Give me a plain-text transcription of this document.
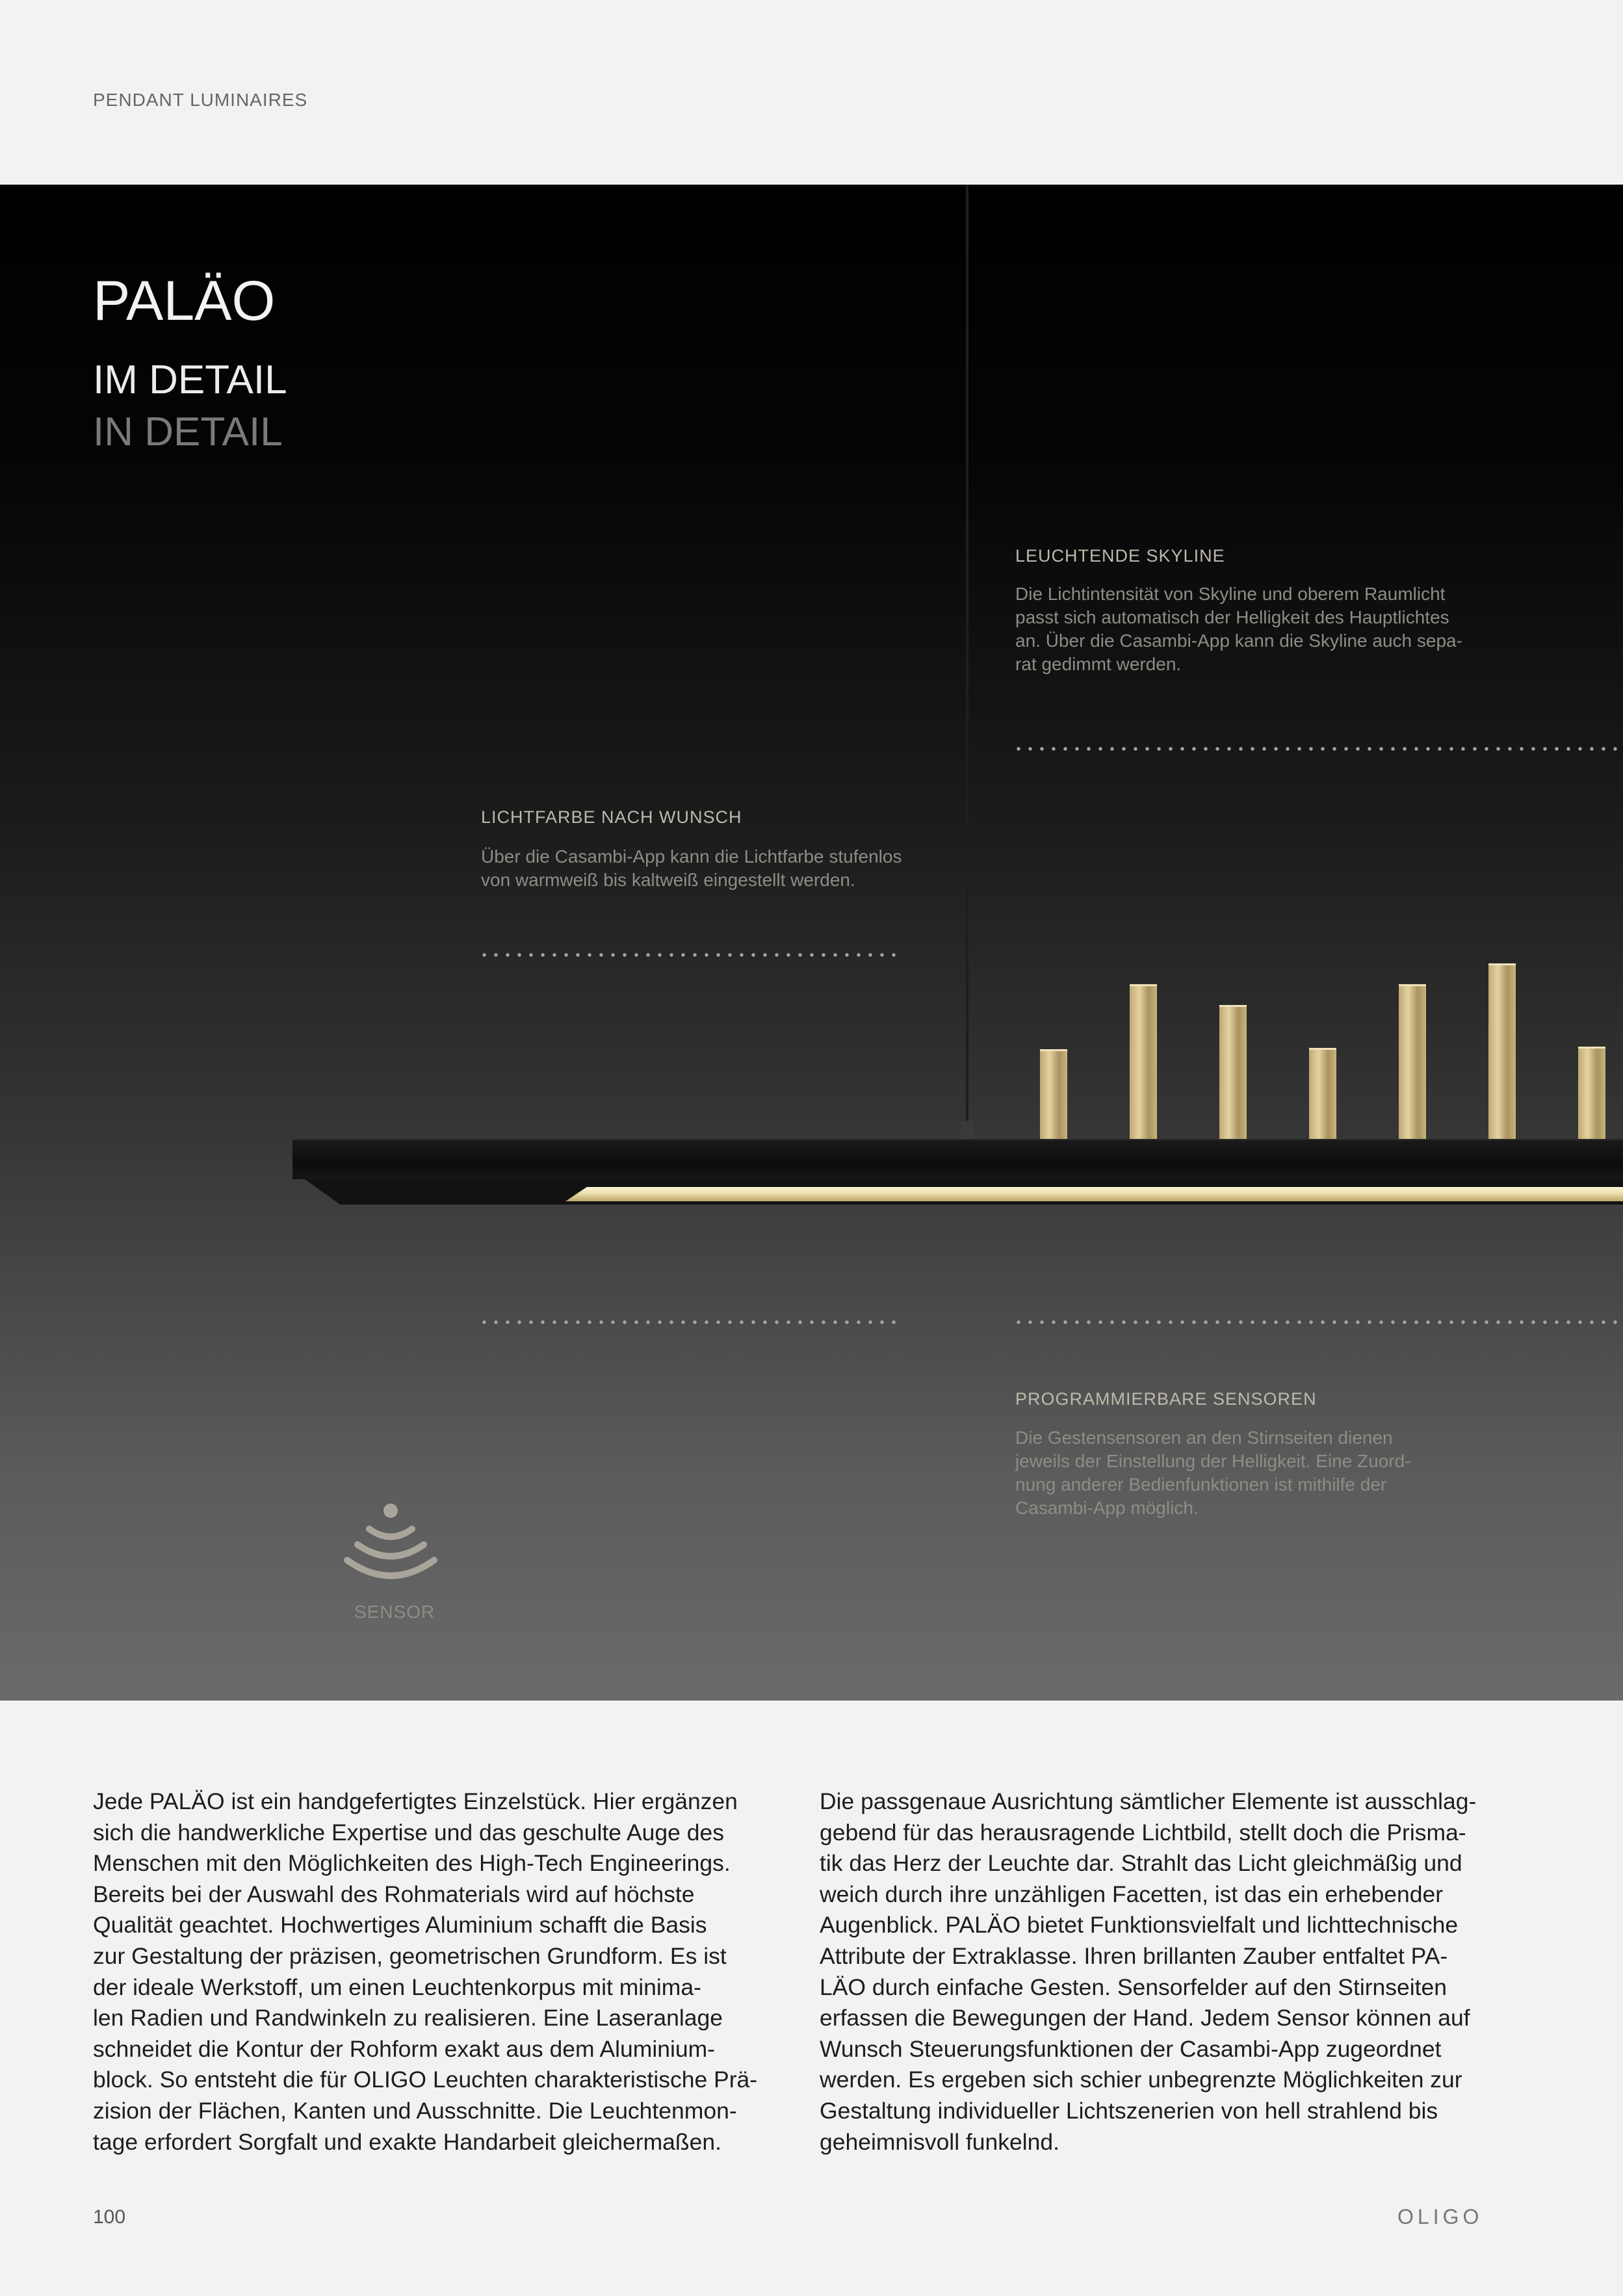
PENDANT LUMINAIRES
PALÄO
IM DETAIL
IN DETAIL
LEUCHTENDE SKYLINE
Die Lichtintensität von Skyline und oberem Raumlicht
passt sich automatisch der Helligkeit des Hauptlichtes
an. Über die Casambi-App kann die Skyline auch sepa-
rat gedimmt werden.
LICHTFARBE NACH WUNSCH
Über die Casambi-App kann die Lichtfarbe stufenlos
von warmweiß bis kaltweiß eingestellt werden.
SENSOR
PROGRAMMIERBARE SENSOREN
Die Gestensensoren an den Stirnseiten dienen
jeweils der Einstellung der Helligkeit. Eine Zuord-
nung anderer Bedienfunktionen ist mithilfe der
Casambi-App möglich.
Jede PALÄO ist ein handgefertigtes Einzelstück. Hier ergänzen
sich die handwerkliche Expertise und das geschulte Auge des
Menschen mit den Möglichkeiten des High-Tech Engineerings.
Bereits bei der Auswahl des Rohmaterials wird auf höchste
Qualität geachtet. Hochwertiges Aluminium schafft die Basis
zur Gestaltung der präzisen, geometrischen Grundform. Es ist
der ideale Werkstoff, um einen Leuchtenkorpus mit minima-
len Radien und Randwinkeln zu realisieren. Eine Laseranlage
schneidet die Kontur der Rohform exakt aus dem Aluminium-
block. So entsteht die für OLIGO Leuchten charakteristische Prä-
zision der Flächen, Kanten und Ausschnitte. Die Leuchtenmon-
tage erfordert Sorgfalt und exakte Handarbeit gleichermaßen.
Die passgenaue Ausrichtung sämtlicher Elemente ist ausschlag-
gebend für das herausragende Lichtbild, stellt doch die Prisma-
tik das Herz der Leuchte dar. Strahlt das Licht gleichmäßig und
weich durch ihre unzähligen Facetten, ist das ein erhebender
Augenblick. PALÄO bietet Funktionsvielfalt und lichttechnische
Attribute der Extraklasse. Ihren brillanten Zauber entfaltet PA-
LÄO durch einfache Gesten. Sensorfelder auf den Stirnseiten
erfassen die Bewegungen der Hand. Jedem Sensor können auf
Wunsch Steuerungsfunktionen der Casambi-App zugeordnet
werden. Es ergeben sich schier unbegrenzte Möglichkeiten zur
Gestaltung individueller Lichtszenerien von hell strahlend bis
geheimnisvoll funkelnd.
100	OLIGO
